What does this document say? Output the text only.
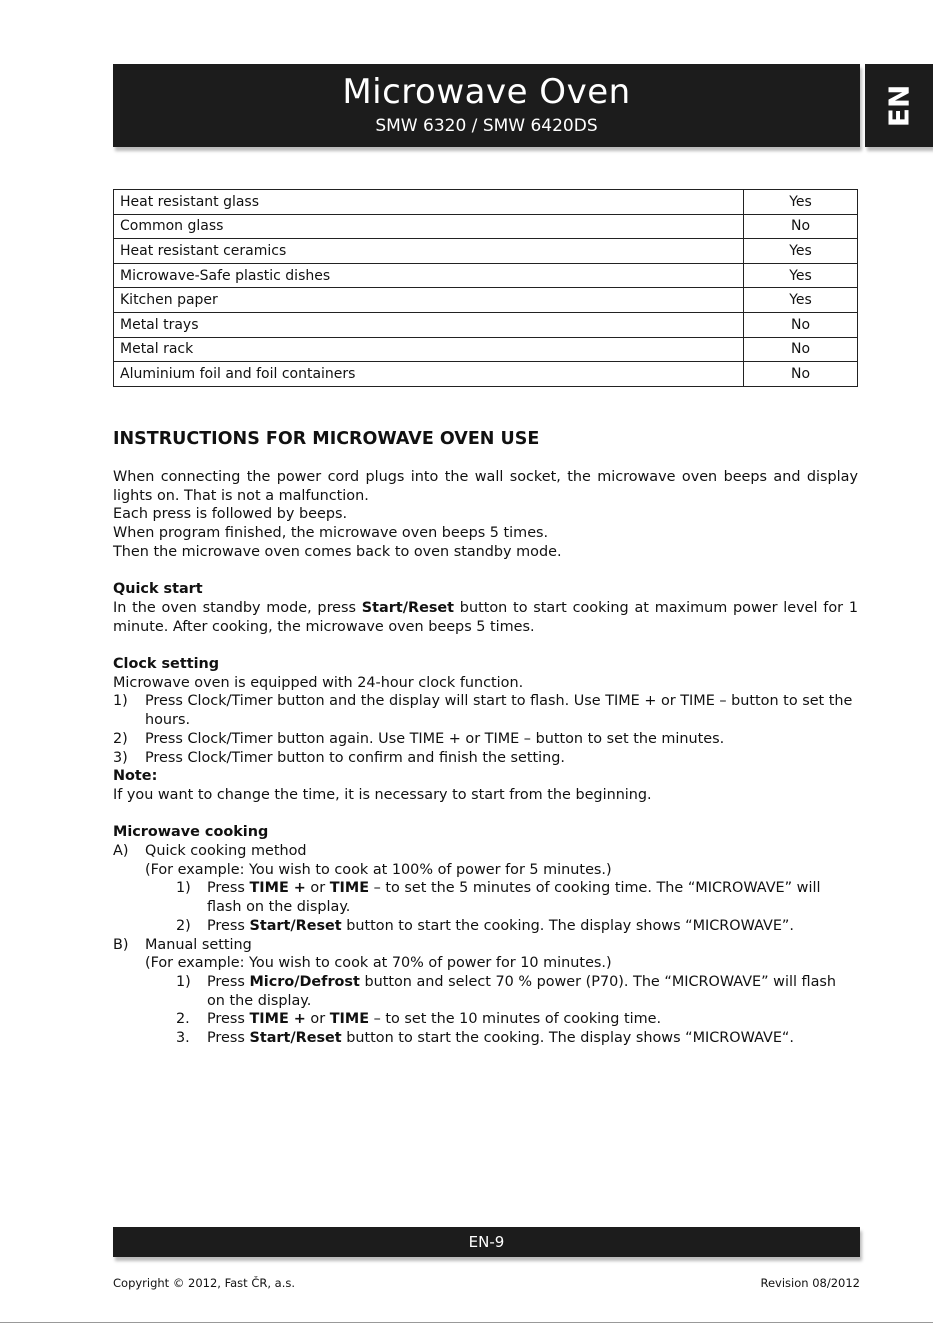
Microwave Oven
SMW 6320 / SMW 6420DS	EN
Heat resistant glass	Yes
Common glass	No
Heat resistant ceramics	Yes
Microwave-Safe plastic dishes	Yes
Kitchen paper	Yes
Metal trays	No
Metal rack	No
Aluminium foil and foil containers	No
INSTRUCTIONS FOR MICROWAVE OVEN USE

When connecting the power cord plugs into the wall socket, the microwave oven beeps and display lights on. That is not a malfunction.

Each press is followed by beeps.

When program finished, the microwave oven beeps 5 times.

Then the microwave oven comes back to oven standby mode.

Quick start

In the oven standby mode, press Start/Reset button to start cooking at maximum power level for 1 minute. After cooking, the microwave oven beeps 5 times.

Clock setting

Microwave oven is equipped with 24-hour clock function.

1)	Press Clock/Timer button and the display will start to flash. Use TIME + or TIME – button to set the hours.
2)	Press Clock/Timer button again. Use TIME + or TIME – button to set the minutes.
3)	Press Clock/Timer button to confirm and finish the setting.

Note:

If you want to change the time, it is necessary to start from the beginning.

Microwave cooking

A)	Quick cooking method

(For example: You wish to cook at 100% of power for 5 minutes.)

1)	Press TIME + or TIME – to set the 5 minutes of cooking time. The “MICROWAVE” will flash on the display.
2)	Press Start/Reset button to start the cooking. The display shows “MICROWAVE”.
B)	Manual setting

(For example: You wish to cook at 70% of power for 10 minutes.)

1)	Press Micro/Defrost button and select 70 % power (P70). The “MICROWAVE” will flash on the display.
2.	Press TIME + or TIME – to set the 10 minutes of cooking time.
3.	Press Start/Reset button to start the cooking. The display shows “MICROWAVE“.
EN-9
Copyright © 2012, Fast ČR, a.s.	Revision 08/2012
